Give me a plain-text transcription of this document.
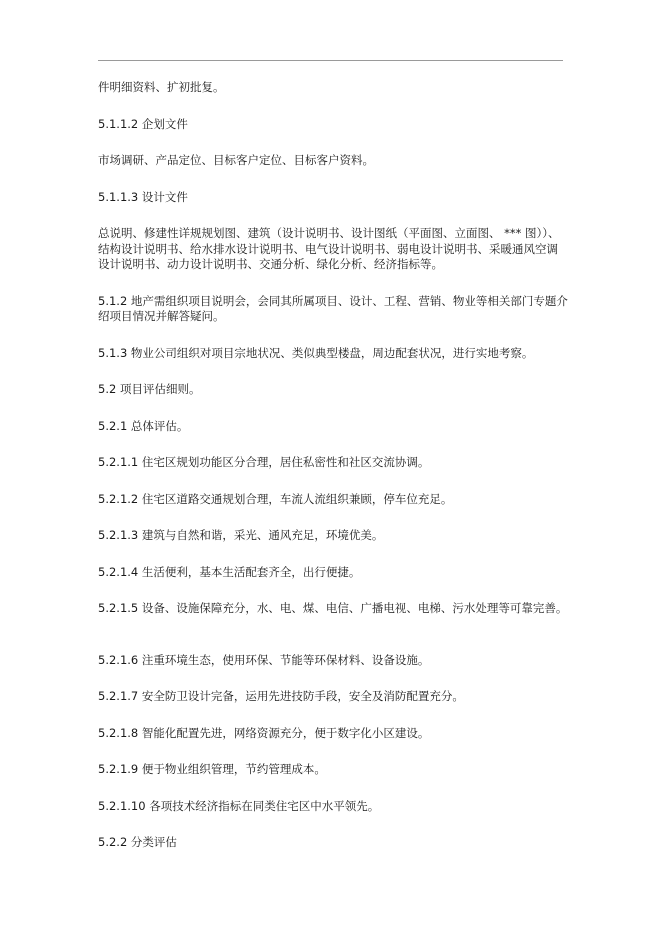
件明细资料、扩初批复。

5.1.1.2 企划文件

市场调研、产品定位、目标客户定位、目标客户资料。

5.1.1.3 设计文件

总说明、修建性详规规划图、建筑（设计说明书、设计图纸（平面图、立面图、 *** 图））、结构设计说明书、给水排水设计说明书、电气设计说明书、弱电设计说明书、采暖通风空调设计说明书、动力设计说明书、交通分析、绿化分析、经济指标等。

5.1.2 地产需组织项目说明会，会同其所属项目、设计、工程、营销、物业等相关部门专题介绍项目情况并解答疑问。

5.1.3 物业公司组织对项目宗地状况、类似典型楼盘，周边配套状况，进行实地考察。

5.2 项目评估细则。

5.2.1 总体评估。

5.2.1.1 住宅区规划功能区分合理，居住私密性和社区交流协调。

5.2.1.2 住宅区道路交通规划合理，车流人流组织兼顾，停车位充足。

5.2.1.3 建筑与自然和谐，采光、通风充足，环境优美。

5.2.1.4 生活便利，基本生活配套齐全，出行便捷。

5.2.1.5 设备、设施保障充分，水、电、煤、电信、广播电视、电梯、污水处理等可靠完善。

5.2.1.6 注重环境生态，使用环保、节能等环保材料、设备设施。

5.2.1.7 安全防卫设计完备，运用先进技防手段，安全及消防配置充分。

5.2.1.8 智能化配置先进，网络资源充分，便于数字化小区建设。

5.2.1.9 便于物业组织管理，节约管理成本。

5.2.1.10 各项技术经济指标在同类住宅区中水平领先。

5.2.2 分类评估
